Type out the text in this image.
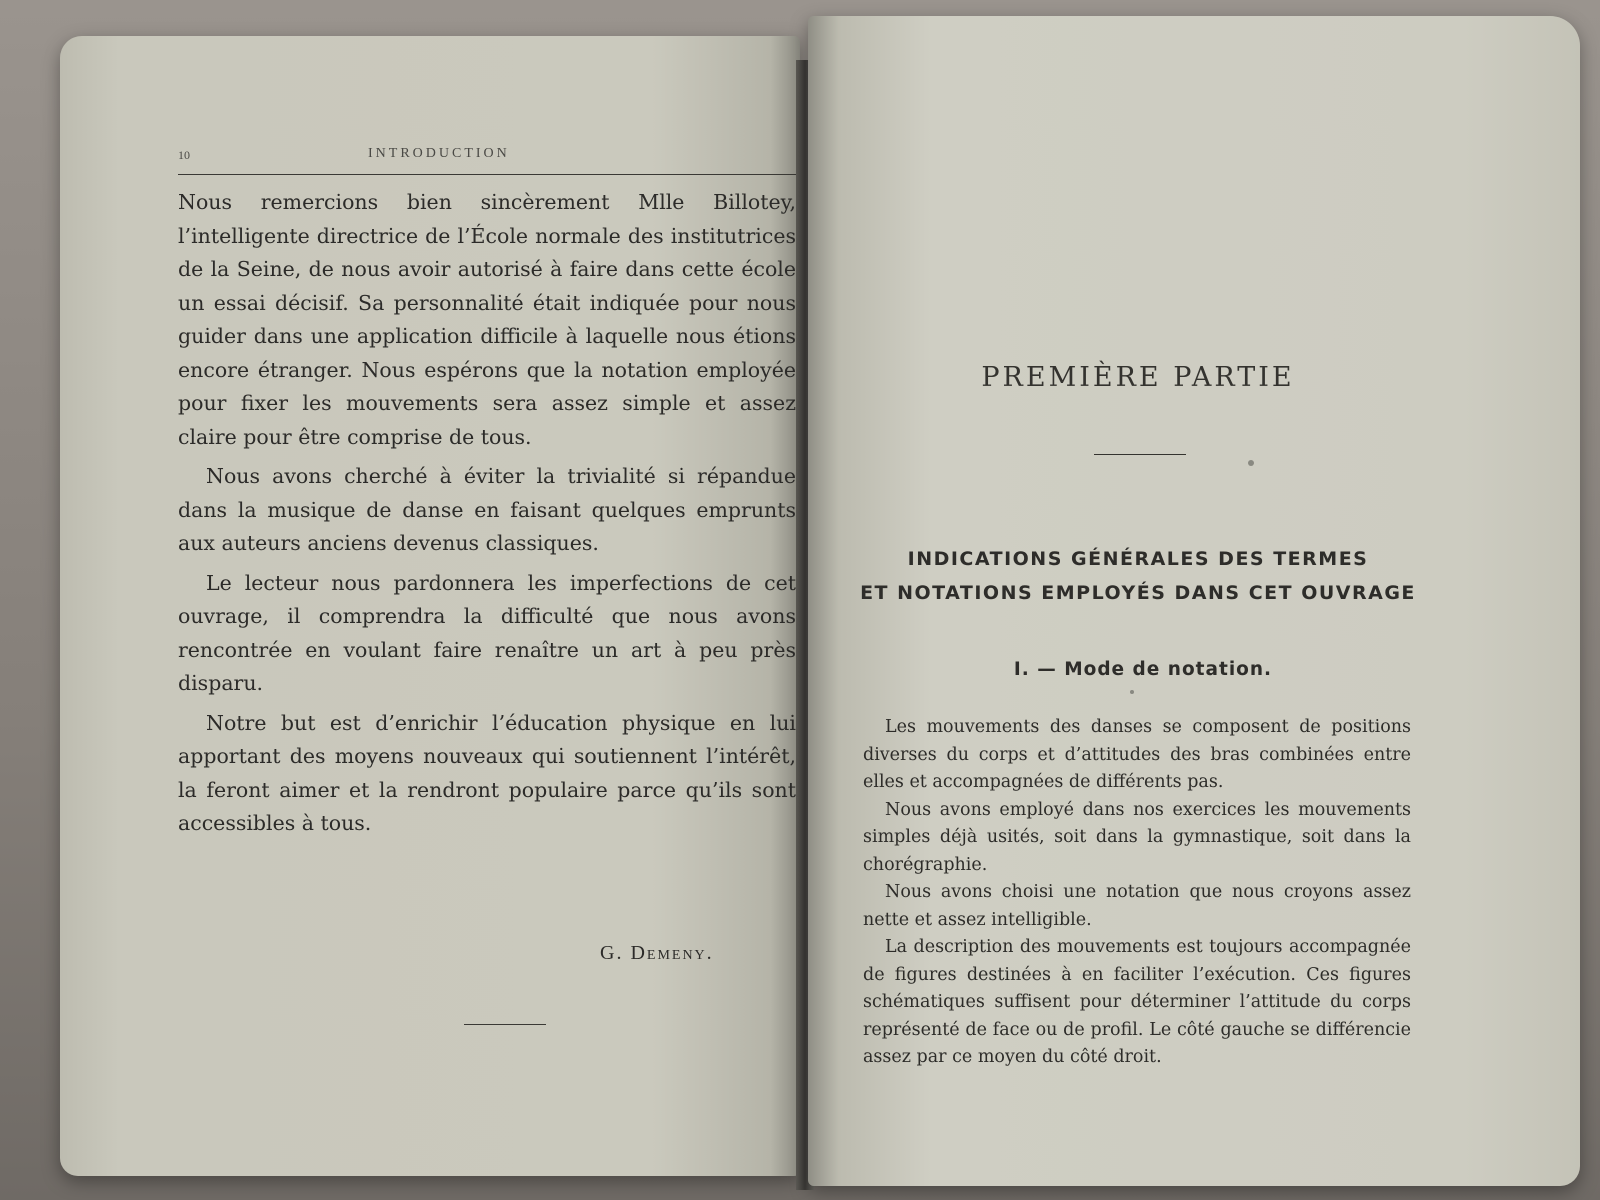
10	INTRODUCTION

Nous remercions bien sincèrement Mlle Billotey, l’intelligente directrice de l’École normale des institutrices de la Seine, de nous avoir autorisé à faire dans cette école un essai décisif. Sa personnalité était indiquée pour nous guider dans une application difficile à laquelle nous étions encore étranger. Nous espérons que la notation employée pour fixer les mouvements sera assez simple et assez claire pour être comprise de tous.

Nous avons cherché à éviter la trivialité si répandue dans la musique de danse en faisant quelques emprunts aux auteurs anciens devenus classiques.

Le lecteur nous pardonnera les imperfections de cet ouvrage, il comprendra la difficulté que nous avons rencontrée en voulant faire renaître un art à peu près disparu.

Notre but est d’enrichir l’éducation physique en lui apportant des moyens nouveaux qui soutiennent l’intérêt, la feront aimer et la rendront populaire parce qu’ils sont accessibles à tous.

G. Demeny.
PREMIÈRE PARTIE
INDICATIONS GÉNÉRALES DES TERMES
ET NOTATIONS EMPLOYÉS DANS CET OUVRAGE
I. — Mode de notation.

Les mouvements des danses se composent de positions diverses du corps et d’attitudes des bras combinées entre elles et accompagnées de différents pas.

Nous avons employé dans nos exercices les mouvements simples déjà usités, soit dans la gymnastique, soit dans la chorégraphie.

Nous avons choisi une notation que nous croyons assez nette et assez intelligible.

La description des mouvements est toujours accompagnée de figures destinées à en faciliter l’exécution. Ces figures schématiques suffisent pour déterminer l’attitude du corps représenté de face ou de profil. Le côté gauche se différencie assez par ce moyen du côté droit.
